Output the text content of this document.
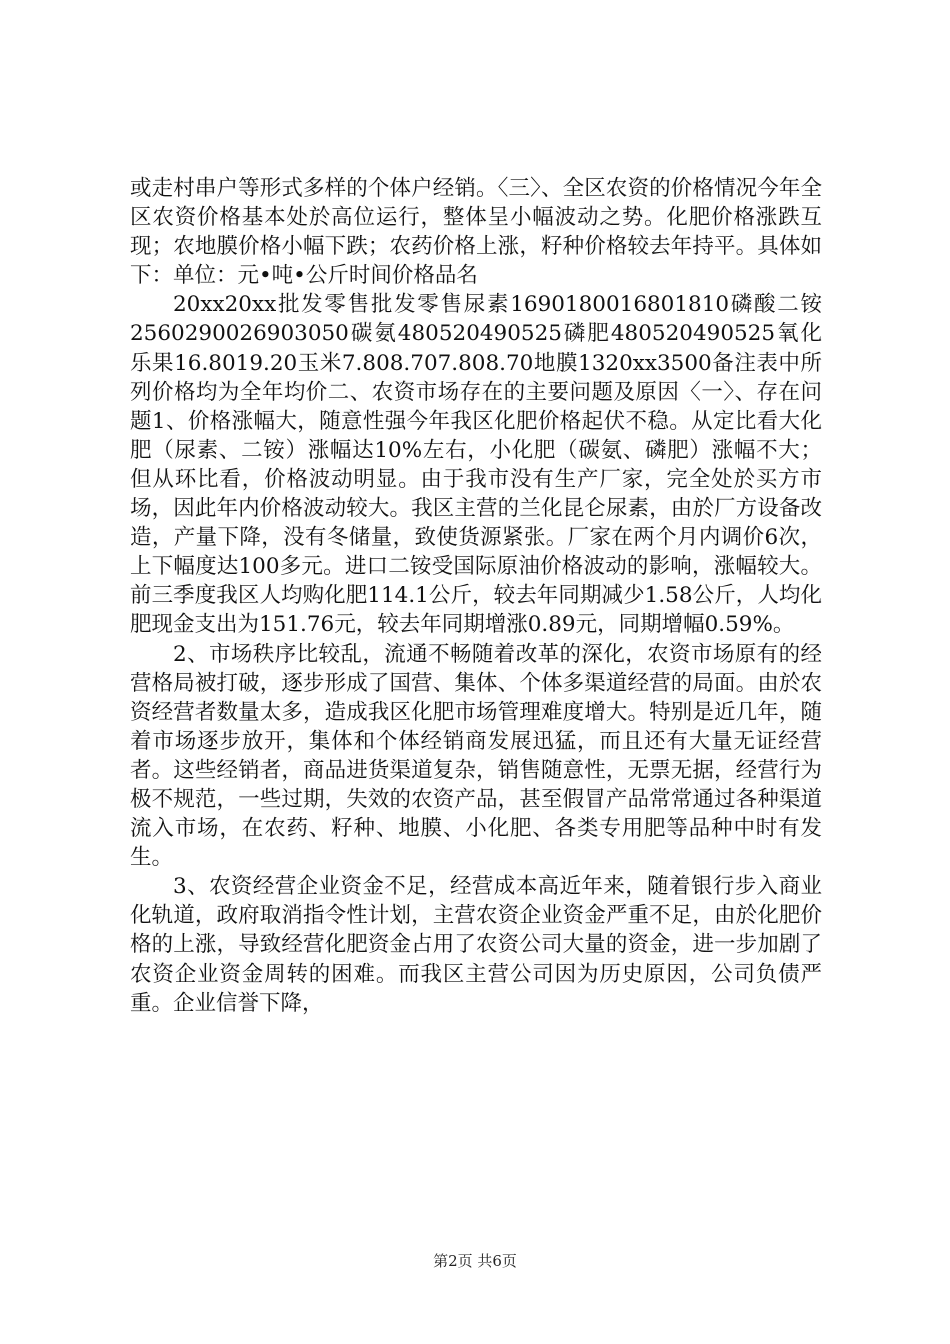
或走村串户等形式多样的个体户经销。〈三〉、全区农资的价格情况今年全区农资价格基本处於高位运行，整体呈小幅波动之势。化肥价格涨跌互现；农地膜价格小幅下跌；农药价格上涨，籽种价格较去年持平。具体如下：单位：元•吨•公斤时间价格品名

20xx20xx批发零售批发零售尿素1690180016801810磷酸二铵2560290026903050碳氨480520490525磷肥480520490525氧化乐果16.8019.20玉米7.808.707.808.70地膜1320xx3500备注表中所列价格均为全年均价二、农资市场存在的主要问题及原因〈一〉、存在问题1、价格涨幅大，随意性强今年我区化肥价格起伏不稳。从定比看大化肥（尿素、二铵）涨幅达10%左右，小化肥（碳氨、磷肥）涨幅不大；但从环比看，价格波动明显。由于我市没有生产厂家，完全处於买方市场，因此年内价格波动较大。我区主营的兰化昆仑尿素，由於厂方设备改造，产量下降，没有冬储量，致使货源紧张。厂家在两个月内调价6次，上下幅度达100多元。进口二铵受国际原油价格波动的影响，涨幅较大。前三季度我区人均购化肥114.1公斤，较去年同期减少1.58公斤，人均化肥现金支出为151.76元，较去年同期增涨0.89元，同期增幅0.59%。

2、市场秩序比较乱，流通不畅随着改革的深化，农资市场原有的经营格局被打破，逐步形成了国营、集体、个体多渠道经营的局面。由於农资经营者数量太多，造成我区化肥市场管理难度增大。特别是近几年，随着市场逐步放开，集体和个体经销商发展迅猛，而且还有大量无证经营者。这些经销者，商品进货渠道复杂，销售随意性，无票无据，经营行为极不规范，一些过期，失效的农资产品，甚至假冒产品常常通过各种渠道流入市场，在农药、籽种、地膜、小化肥、各类专用肥等品种中时有发生。

3、农资经营企业资金不足，经营成本高近年来，随着银行步入商业化轨道，政府取消指令性计划，主营农资企业资金严重不足，由於化肥价格的上涨，导致经营化肥资金占用了农资公司大量的资金，进一步加剧了农资企业资金周转的困难。而我区主营公司因为历史原因，公司负债严重。企业信誉下降，

第2页 共6页
